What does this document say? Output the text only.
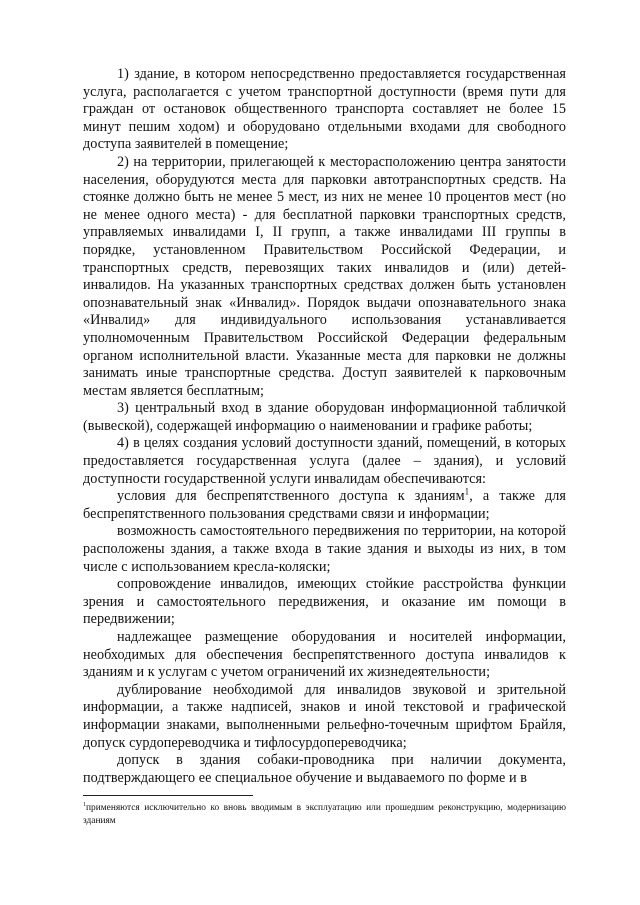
1) здание, в котором непосредственно предоставляется государственная услуга, располагается с учетом транспортной доступности (время пути для граждан от остановок общественного транспорта составляет не более 15 минут пешим ходом) и оборудовано отдельными входами для свободного доступа заявителей в помещение;

2) на территории, прилегающей к месторасположению центра занятости населения, оборудуются места для парковки автотранспортных средств. На стоянке должно быть не менее 5 мест, из них не менее 10 процентов мест (но не менее одного места) - для бесплатной парковки транспортных средств, управляемых инвалидами I, II групп, а также инвалидами III группы в порядке, установленном Правительством Российской Федерации, и транспортных средств, перевозящих таких инвалидов и (или) детей-инвалидов. На указанных транспортных средствах должен быть установлен опознавательный знак «Инвалид». Порядок выдачи опознавательного знака «Инвалид» для индивидуального использования устанавливается уполномоченным Правительством Российской Федерации федеральным органом исполнительной власти. Указанные места для парковки не должны занимать иные транспортные средства. Доступ заявителей к парковочным местам является бесплатным;

3) центральный вход в здание оборудован информационной табличкой (вывеской), содержащей информацию о наименовании и графике работы;

4) в целях создания условий доступности зданий, помещений, в которых предоставляется государственная услуга (далее – здания), и условий доступности государственной услуги инвалидам обеспечиваются:

условия для беспрепятственного доступа к зданиям$^1$, а также для беспрепятственного пользования средствами связи и информации;

возможность самостоятельного передвижения по территории, на которой расположены здания, а также входа в такие здания и выходы из них, в том числе с использованием кресла-коляски;

сопровождение инвалидов, имеющих стойкие расстройства функции зрения и самостоятельного передвижения, и оказание им помощи в передвижении;

надлежащее размещение оборудования и носителей информации, необходимых для обеспечения беспрепятственного доступа инвалидов к зданиям и к услугам с учетом ограничений их жизнедеятельности;

дублирование необходимой для инвалидов звуковой и зрительной информации, а также надписей, знаков и иной текстовой и графической информации знаками, выполненными рельефно-точечным шрифтом Брайля, допуск сурдопереводчика и тифлосурдопереводчика;

допуск в здания собаки-проводника при наличии документа, подтверждающего ее специальное обучение и выдаваемого по форме и в

$^1$применяются исключительно ко вновь вводимым в эксплуатацию или прошедшим реконструкцию, модернизацию зданиям
